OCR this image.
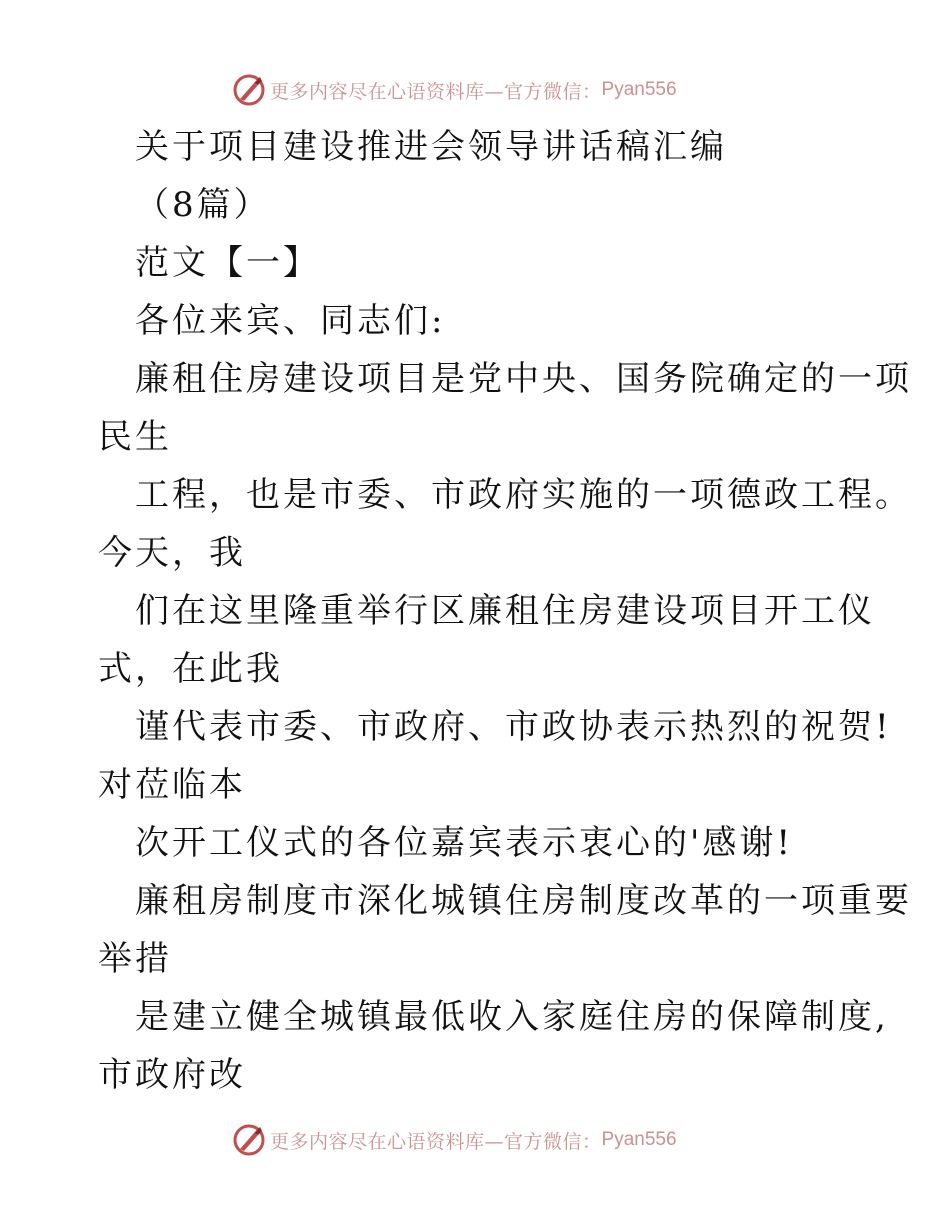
更多内容尽在心语资料库—官方微信： Pyan556
关于项目建设推进会领导讲话稿汇编
（8篇）
范文【一】
各位来宾、同志们:
廉租住房建设项目是党中央、国务院确定的一项
民生
工程，也是市委、市政府实施的一项德政工程。
今天，我
们在这里隆重举行区廉租住房建设项目开工仪
式，在此我
谨代表市委、市政府、市政协表示热烈的祝贺!
对莅临本
次开工仪式的各位嘉宾表示衷心的'感谢!
廉租房制度市深化城镇住房制度改革的一项重要
举措
是建立健全城镇最低收入家庭住房的保障制度,
市政府改
更多内容尽在心语资料库—官方微信： Pyan556
